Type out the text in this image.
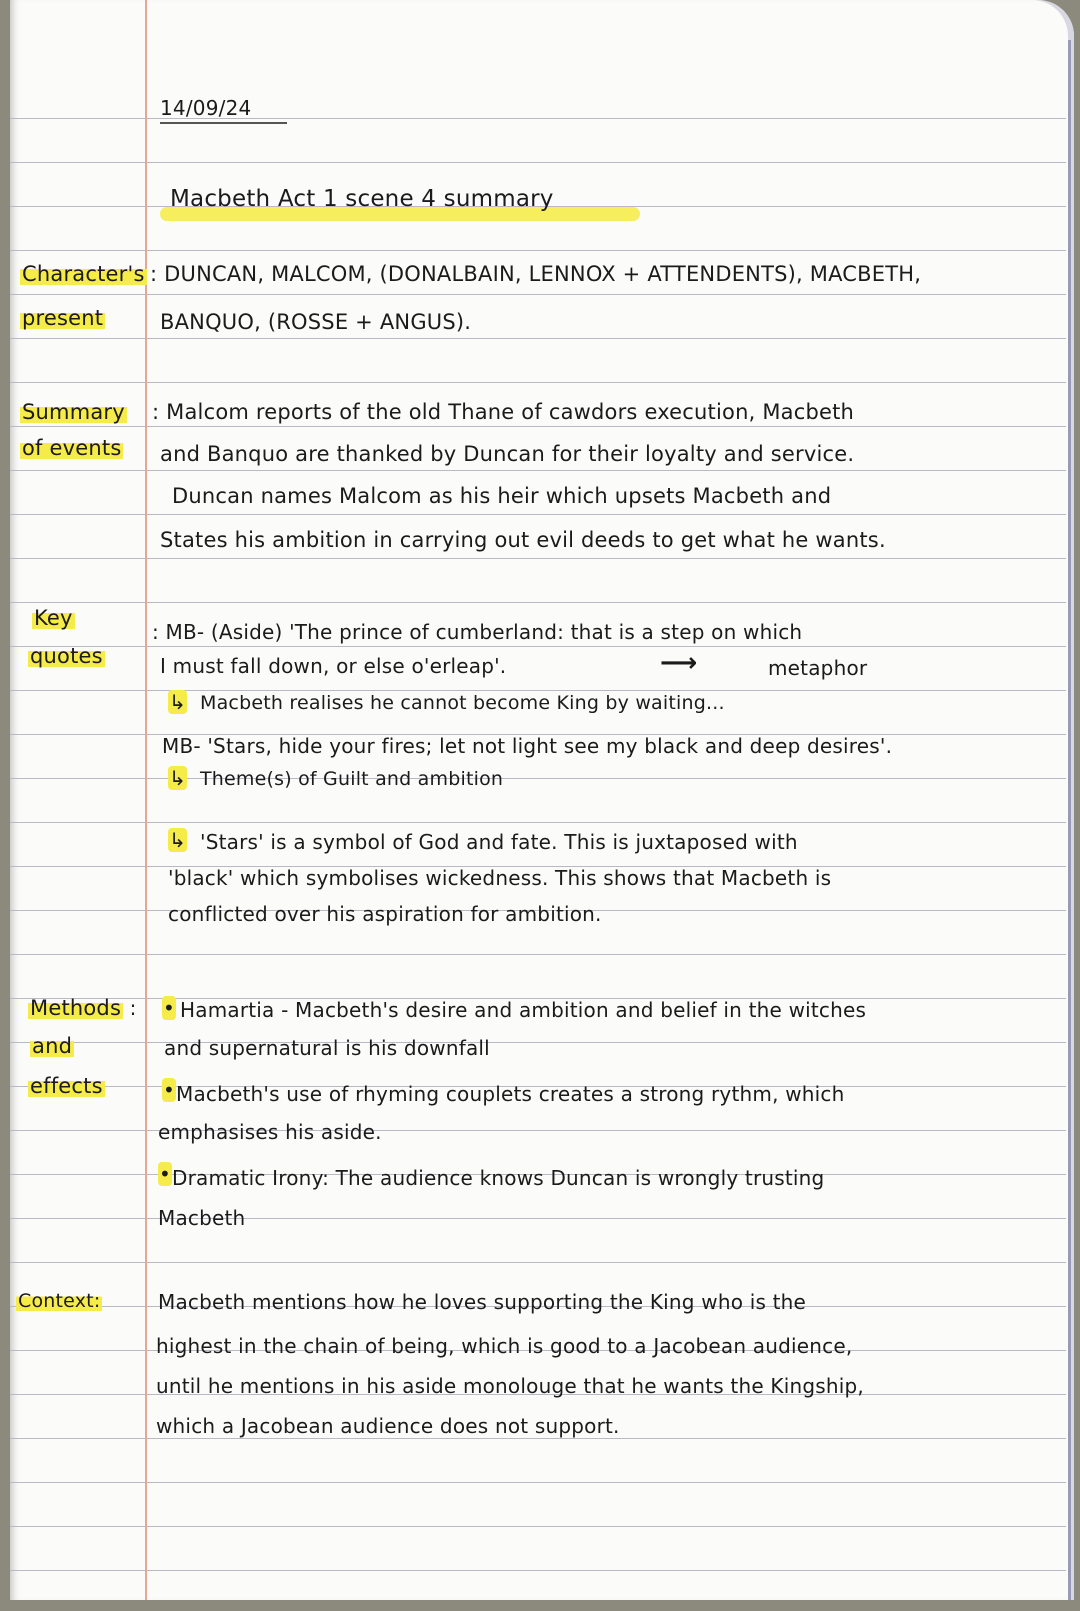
14/09/24
Macbeth Act 1 scene 4 summary
Character's
present
: DUNCAN, MALCOM, (DONALBAIN, LENNOX + ATTENDENTS), MACBETH,
BANQUO, (ROSSE + ANGUS).
Summary
of events
: Malcom reports of the old Thane of cawdors execution, Macbeth
and Banquo are thanked by Duncan for their loyalty and service.
Duncan names Malcom as his heir which upsets Macbeth and
States his ambition in carrying out evil deeds to get what he wants.
Key
quotes
: MB- (Aside) 'The prince of cumberland: that is a step on which
I must fall down, or else o'erleap'.	⟶	metaphor
↳ Macbeth realises he cannot become King by waiting...
MB- 'Stars, hide your fires; let not light see my black and deep desires'.
↳ Theme(s) of Guilt and ambition
↳ 'Stars' is a symbol of God and fate. This is juxtaposed with
'black' which symbolises wickedness. This shows that Macbeth is
conflicted over his aspiration for ambition.
Methods :
and
effects
• Hamartia - Macbeth's desire and ambition and belief in the witches
and supernatural is his downfall
• Macbeth's use of rhyming couplets creates a strong rythm, which
emphasises his aside.
• Dramatic Irony: The audience knows Duncan is wrongly trusting
Macbeth
Context:	Macbeth mentions how he loves supporting the King who is the
highest in the chain of being, which is good to a Jacobean audience,
until he mentions in his aside monolouge that he wants the Kingship,
which a Jacobean audience does not support.
